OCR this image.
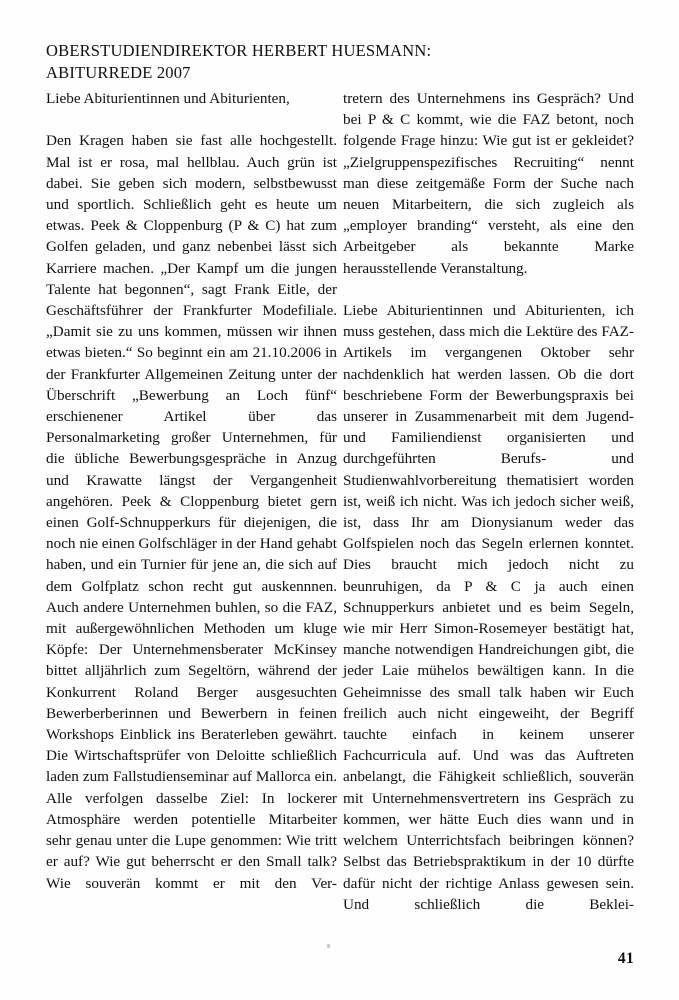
OBERSTUDIENDIREKTOR HERBERT HUESMANN:
ABITURREDE 2007

Liebe Abiturientinnen und Abiturienten,

Den Kragen haben sie fast alle hochgestellt. Mal ist er rosa, mal hellblau. Auch grün ist dabei. Sie geben sich modern, selbstbewusst und sportlich. Schließlich geht es heute um etwas. Peek & Cloppenburg (P & C) hat zum Golfen geladen, und ganz nebenbei lässt sich Karriere machen. „Der Kampf um die jungen Talente hat begonnen“, sagt Frank Eitle, der Geschäftsführer der Frankfurter Modefiliale. „Damit sie zu uns kommen, müssen wir ihnen etwas bieten.“ So beginnt ein am 21.10.2006 in der Frankfurter Allgemeinen Zeitung unter der Überschrift „Bewerbung an Loch fünf“ erschienener Artikel über das Personalmarketing großer Unternehmen, für die übliche Bewerbungsgespräche in Anzug und Krawatte längst der Vergangenheit angehören. Peek & Cloppenburg bietet gern einen Golf-Schnupperkurs für diejenigen, die noch nie einen Golfschläger in der Hand gehabt haben, und ein Turnier für jene an, die sich auf dem Golfplatz schon recht gut auskennnen. Auch andere Unternehmen buhlen, so die FAZ, mit außergewöhnlichen Methoden um kluge Köpfe: Der Unternehmensberater McKinsey bittet alljährlich zum Segeltörn, während der Konkurrent Roland Berger ausgesuchten Bewerberberinnen und Bewerbern in feinen Workshops Einblick ins Beraterleben gewährt. Die Wirtschaftsprüfer von Deloitte schließlich laden zum Fallstudienseminar auf Mallorca ein. Alle verfolgen dasselbe Ziel: In lockerer Atmosphäre werden potentielle Mitarbeiter sehr genau unter die Lupe genommen: Wie tritt er auf? Wie gut beherrscht er den Small talk? Wie souverän kommt er mit den Ver-

tretern des Unternehmens ins Gespräch? Und bei P & C kommt, wie die FAZ betont, noch folgende Frage hinzu: Wie gut ist er gekleidet? „Zielgruppenspezifisches Recruiting“ nennt man diese zeitgemäße Form der Suche nach neuen Mitarbeitern, die sich zugleich als „employer branding“ versteht, als eine den Arbeitgeber als bekannte Marke herausstellende Veranstaltung.

Liebe Abiturientinnen und Abiturienten, ich muss gestehen, dass mich die Lektüre des FAZ-Artikels im vergangenen Oktober sehr nachdenklich hat werden lassen. Ob die dort beschriebene Form der Bewerbungspraxis bei unserer in Zusammenarbeit mit dem Jugend- und Familiendienst organisierten und durchgeführten Berufs- und Studienwahlvorbereitung thematisiert worden ist, weiß ich nicht. Was ich jedoch sicher weiß, ist, dass Ihr am Dionysianum weder das Golfspielen noch das Segeln erlernen konntet. Dies braucht mich jedoch nicht zu beunruhigen, da P & C ja auch einen Schnupperkurs anbietet und es beim Segeln, wie mir Herr Simon-Rosemeyer bestätigt hat, manche notwendigen Handreichungen gibt, die jeder Laie mühelos bewältigen kann. In die Geheimnisse des small talk haben wir Euch freilich auch nicht eingeweiht, der Begriff tauchte einfach in keinem unserer Fachcurricula auf. Und was das Auftreten anbelangt, die Fähigkeit schließlich, souverän mit Unternehmensvertretern ins Gespräch zu kommen, wer hätte Euch dies wann und in welchem Unterrichtsfach beibringen können? Selbst das Betriebspraktikum in der 10 dürfte dafür nicht der richtige Anlass gewesen sein. Und schließlich die Beklei-

41
